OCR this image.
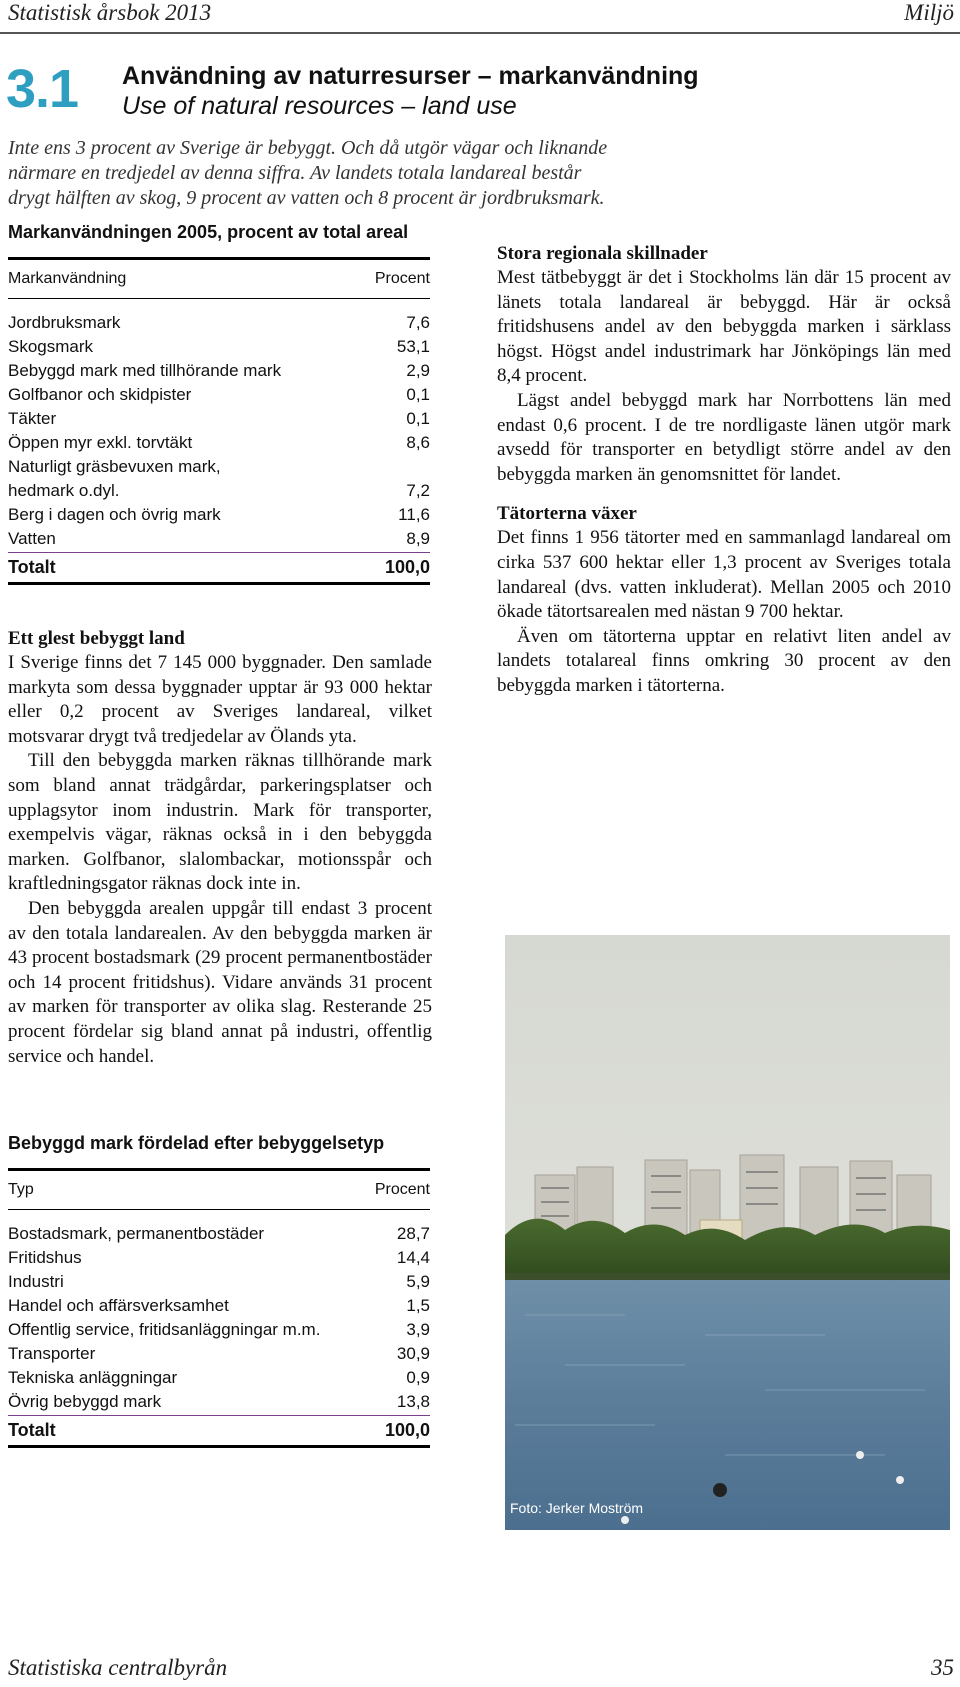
Statistisk årsbok 2013	Miljö
3.1 Användning av naturresurser – markanvändning
Use of natural resources – land use
Inte ens 3 procent av Sverige är bebyggt. Och då utgör vägar och liknande
närmare en tredjedel av denna siffra. Av landets totala landareal består
drygt hälften av skog, 9 procent av vatten och 8 procent är jordbruksmark.
Markanvändningen 2005, procent av total areal
Markanvändning	Procent
Jordbruksmark	7,6
Skogsmark	53,1
Bebyggd mark med tillhörande mark	2,9
Golfbanor och skidpister	0,1
Täkter	0,1
Öppen myr exkl. torvtäkt	8,6
Naturligt gräsbevuxen mark,
hedmark o.dyl.	7,2
Berg i dagen och övrig mark	11,6
Vatten	8,9
Totalt	100,0
Ett glest bebyggt land

I Sverige finns det 7 145 000 byggnader. Den samlade markyta som dessa byggnader upptar är 93 000 hektar eller 0,2 procent av Sveriges landareal, vilket motsvarar drygt två tredjedelar av Ölands yta.

Till den bebyggda marken räknas tillhörande mark som bland annat trädgårdar, parkeringsplatser och upplagsytor inom industrin. Mark för transporter, exempelvis vägar, räknas också in i den bebyggda marken. Golfbanor, slalombackar, motionsspår och kraftledningsgator räknas dock inte in.

Den bebyggda arealen uppgår till endast 3 procent av den totala landarealen. Av den bebyggda marken är 43 procent bostadsmark (29 procent permanentbostäder och 14 procent fritidshus). Vidare används 31 procent av marken för transporter av olika slag. Resterande 25 procent fördelar sig bland annat på industri, offentlig service och handel.

Stora regionala skillnader

Mest tätbebyggt är det i Stockholms län där 15 procent av länets totala landareal är bebyggd. Här är också fritidshusens andel av den bebyggda marken i särklass högst. Högst andel industrimark har Jönköpings län med 8,4 procent.

Lägst andel bebyggd mark har Norrbottens län med endast 0,6 procent. I de tre nordligaste länen utgör mark avsedd för transporter en betydligt större andel av den bebyggda marken än genomsnittet för landet.

Tätorterna växer

Det finns 1 956 tätorter med en sammanlagd landareal om cirka 537 600 hektar eller 1,3 procent av Sveriges totala landareal (dvs. vatten inkluderat). Mellan 2005 och 2010 ökade tätortsarealen med nästan 9 700 hektar.

Även om tätorterna upptar en relativt liten andel av landets totalareal finns omkring 30 procent av den bebyggda marken i tätorterna.

Foto: Jerker Moström
Bebyggd mark fördelad efter bebyggelsetyp
Typ	Procent
Bostadsmark, permanentbostäder	28,7
Fritidshus	14,4
Industri	5,9
Handel och affärsverksamhet	1,5
Offentlig service, fritidsanläggningar m.m.	3,9
Transporter	30,9
Tekniska anläggningar	0,9
Övrig bebyggd mark	13,8
Totalt	100,0
Statistiska centralbyrån	35
